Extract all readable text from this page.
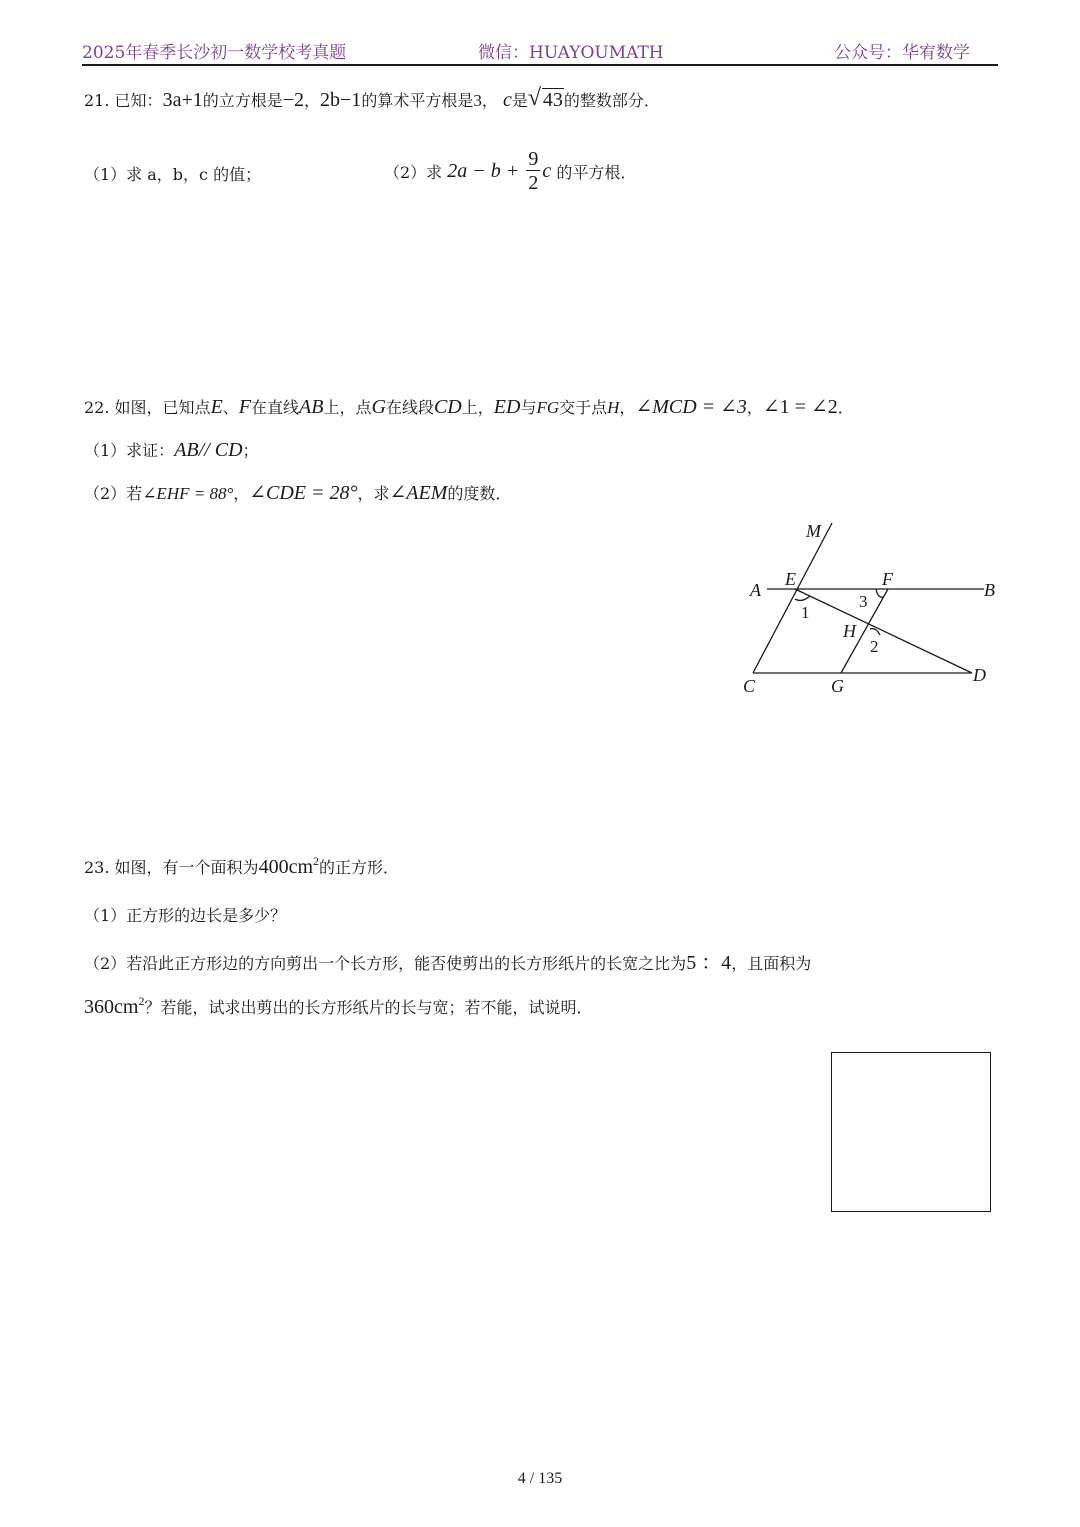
2025年春季长沙初一数学校考真题	微信：HUAYOUMATH	公众号：华宥数学
21. 已知：3a+1的立方根是−2，2b−1的算术平方根是3， c是 √ 43的整数部分．
（1）求 a，b，c 的值；	（2）求 $2a - b + \frac{9}{2}$ c 的平方根．
22. 如图，已知点E、F在直线AB上，点G在线段CD上，ED与FG交于点H，∠MCD = ∠3，∠1 = ∠2．
（1）求证：AB// CD；
（2）若∠EHF = 88°，∠CDE = 28°，求∠AEM的度数．
M
A
E	F
B
H
C	G
D
1
3
2
23. 如图，有一个面积为$400cm^2$的正方形．
（1）正方形的边长是多少？
（2）若沿此正方形边的方向剪出一个长方形，能否使剪出的长方形纸片的长宽之比为5 ：4，且面积为
$360cm^2$？若能，试求出剪出的长方形纸片的长与宽；若不能，试说明．
4 / 135
